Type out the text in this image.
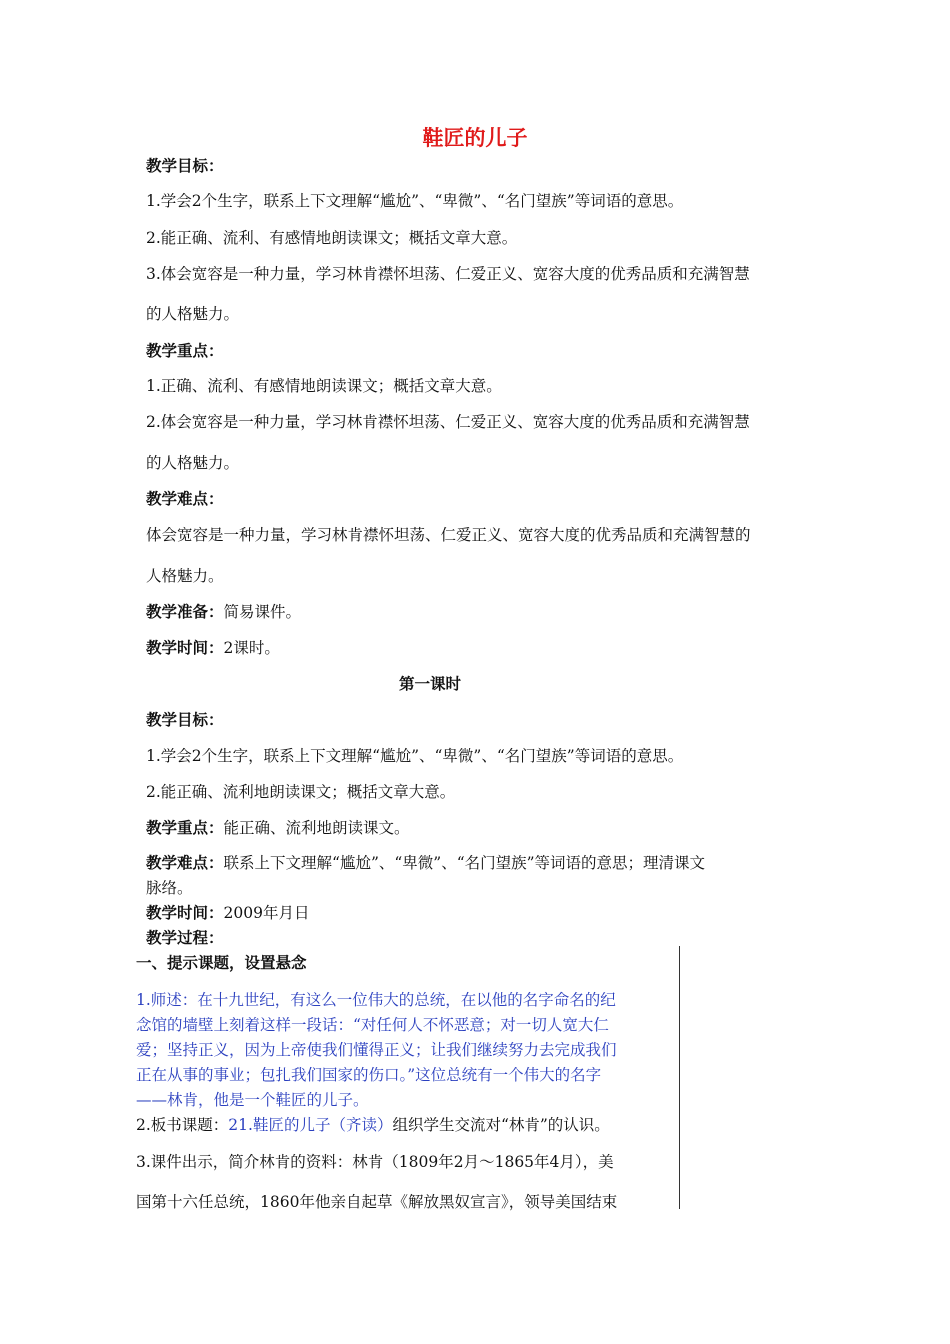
鞋匠的儿子
教学目标：
1.学会2个生字，联系上下文理解“尴尬”、“卑微”、“名门望族”等词语的意思。
2.能正确、流利、有感情地朗读课文；概括文章大意。
3.体会宽容是一种力量，学习林肯襟怀坦荡、仁爱正义、宽容大度的优秀品质和充满智慧
的人格魅力。
教学重点：
1.正确、流利、有感情地朗读课文；概括文章大意。
2.体会宽容是一种力量，学习林肯襟怀坦荡、仁爱正义、宽容大度的优秀品质和充满智慧
的人格魅力。
教学难点：
体会宽容是一种力量，学习林肯襟怀坦荡、仁爱正义、宽容大度的优秀品质和充满智慧的
人格魅力。
教学准备：简易课件。
教学时间：2课时。
第一课时
教学目标：
1.学会2个生字，联系上下文理解“尴尬”、“卑微”、“名门望族”等词语的意思。
2.能正确、流利地朗读课文；概括文章大意。
教学重点：能正确、流利地朗读课文。
教学难点：联系上下文理解“尴尬”、“卑微”、“名门望族”等词语的意思；理清课文
脉络。
教学时间：2009年月日
教学过程：
一、提示课题，设置悬念
1.师述：在十九世纪，有这么一位伟大的总统，在以他的名字命名的纪
念馆的墙壁上刻着这样一段话：“对任何人不怀恶意；对一切人宽大仁
爱；坚持正义，因为上帝使我们懂得正义；让我们继续努力去完成我们
正在从事的事业；包扎我们国家的伤口。”这位总统有一个伟大的名字
——林肯，他是一个鞋匠的儿子。
2.板书课题：21.鞋匠的儿子（齐读）组织学生交流对“林肯”的认识。
3.课件出示，简介林肯的资料：林肯（1809年2月～1865年4月），美
国第十六任总统，1860年他亲自起草《解放黑奴宣言》，领导美国结束
